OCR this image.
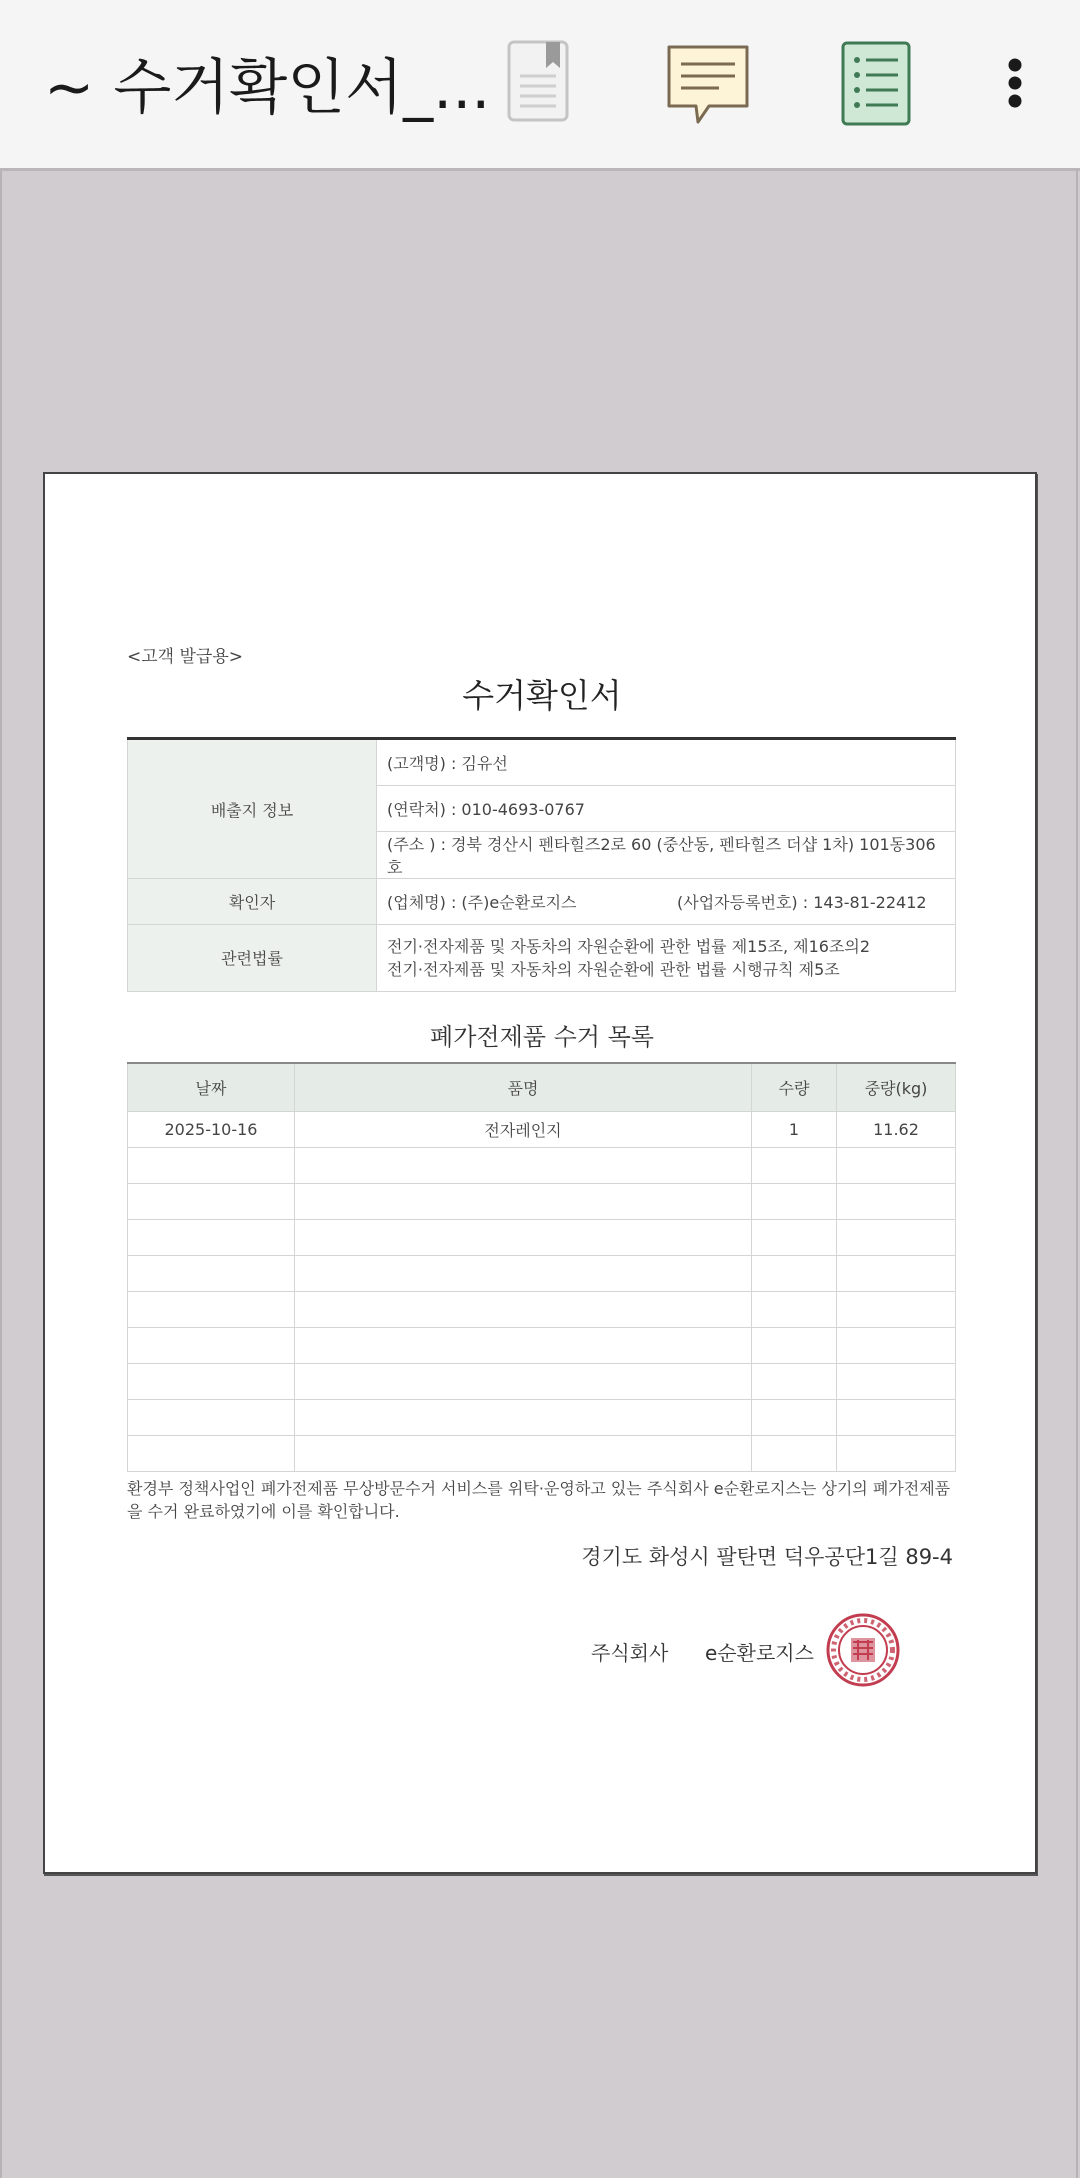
~ 수거확인서_...
<고객 발급용>
수거확인서
배출지 정보	(고객명) : 김유선
	(연락처) : 010-4693-0767
	(주소 ) : 경북 경산시 펜타힐즈2로 60 (중산동, 펜타힐즈 더샵 1차) 101동306호
확인자	(업체명) : (주)e순환로지스 (사업자등록번호) : 143-81-22412
관련법률	전기·전자제품 및 자동차의 자원순환에 관한 법률 제15조, 제16조의2
전기·전자제품 및 자동차의 자원순환에 관한 법률 시행규칙 제5조
폐가전제품 수거 목록
날짜	품명	수량	중량(kg)
2025-10-16	전자레인지	1	11.62

환경부 정책사업인 폐가전제품 무상방문수거 서비스를 위탁·운영하고 있는 주식회사 e순환로지스는 상기의 폐가전제품을 수거 완료하였기에 이를 확인합니다.
경기도 화성시 팔탄면 덕우공단1길 89-4
주식회사 e순환로지스
